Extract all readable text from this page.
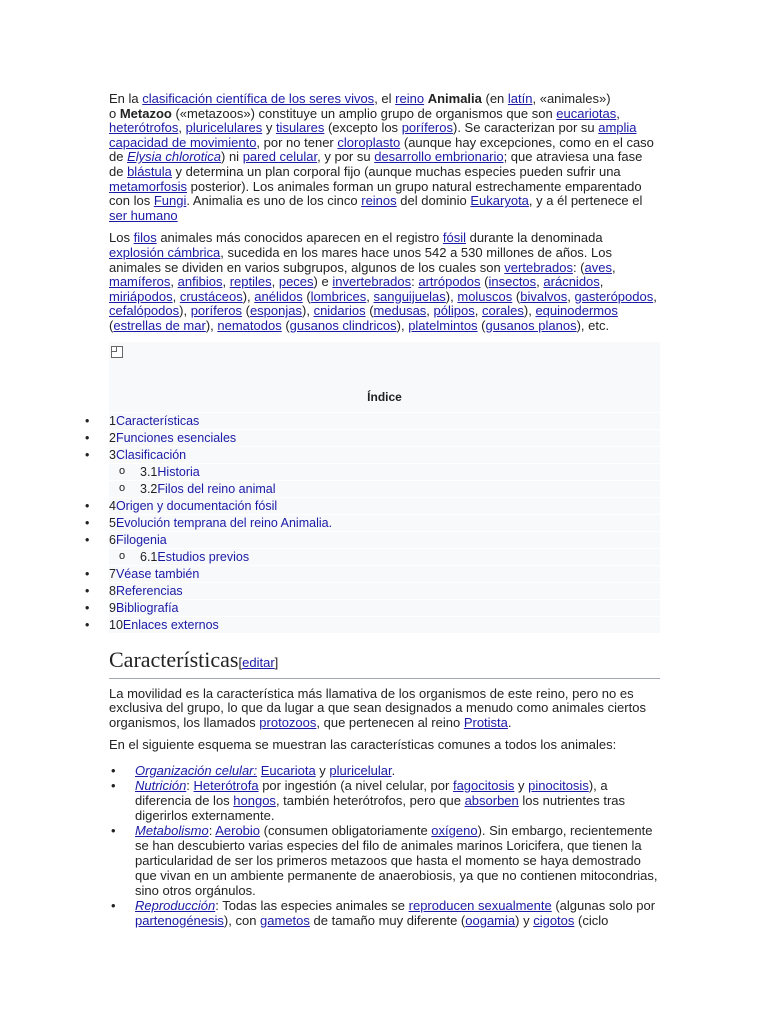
En la clasificación científica de los seres vivos, el reino Animalia (en latín, «animales»)
o Metazoo («metazoos») constituye un amplio grupo de organismos que son eucariotas, heterótrofos, pluricelulares y tisulares (excepto los poríferos). Se caracterizan por su amplia capacidad de movimiento, por no tener cloroplasto (aunque hay excepciones, como en el caso de Elysia chlorotica) ni pared celular, y por su desarrollo embrionario; que atraviesa una fase de blástula y determina un plan corporal fijo (aunque muchas especies pueden sufrir una metamorfosis posterior). Los animales forman un grupo natural estrechamente emparentado con los Fungi. Animalia es uno de los cinco reinos del dominio Eukaryota, y a él pertenece el ser humano

Los filos animales más conocidos aparecen en el registro fósil durante la denominada explosión cámbrica, sucedida en los mares hace unos 542 a 530 millones de años. Los animales se dividen en varios subgrupos, algunos de los cuales son vertebrados: (aves, mamíferos, anfibios, reptiles, peces) e invertebrados: artrópodos (insectos, arácnidos, miriápodos, crustáceos), anélidos (lombrices, sanguijuelas), moluscos (bivalvos, gasterópodos, cefalópodos), poríferos (esponjas), cnidarios (medusas, pólipos, corales), equinodermos (estrellas de mar), nematodos (gusanos clindricos), platelmintos (gusanos planos), etc.

Índice
• 1Características
• 2Funciones esenciales
• 3Clasificación
o 3.1Historia
o 3.2Filos del reino animal
• 4Origen y documentación fósil
• 5Evolución temprana del reino Animalia.
• 6Filogenia
o 6.1Estudios previos
• 7Véase también
• 8Referencias
• 9Bibliografía
• 10Enlaces externos
Características[editar]

La movilidad es la característica más llamativa de los organismos de este reino, pero no es exclusiva del grupo, lo que da lugar a que sean designados a menudo como animales ciertos organismos, los llamados protozoos, que pertenecen al reino Protista.

En el siguiente esquema se muestran las características comunes a todos los animales:

• Organización celular: Eucariota y pluricelular.
• Nutrición: Heterótrofa por ingestión (a nivel celular, por fagocitosis y pinocitosis), a diferencia de los hongos, también heterótrofos, pero que absorben los nutrientes tras digerirlos externamente.
• Metabolismo: Aerobio (consumen obligatoriamente oxígeno). Sin embargo, recientemente se han descubierto varias especies del filo de animales marinos Loricifera, que tienen la particularidad de ser los primeros metazoos que hasta el momento se haya demostrado que vivan en un ambiente permanente de anaerobiosis, ya que no contienen mitocondrias, sino otros orgánulos.
• Reproducción: Todas las especies animales se reproducen sexualmente (algunas solo por partenogénesis), con gametos de tamaño muy diferente (oogamia) y cigotos (ciclo
